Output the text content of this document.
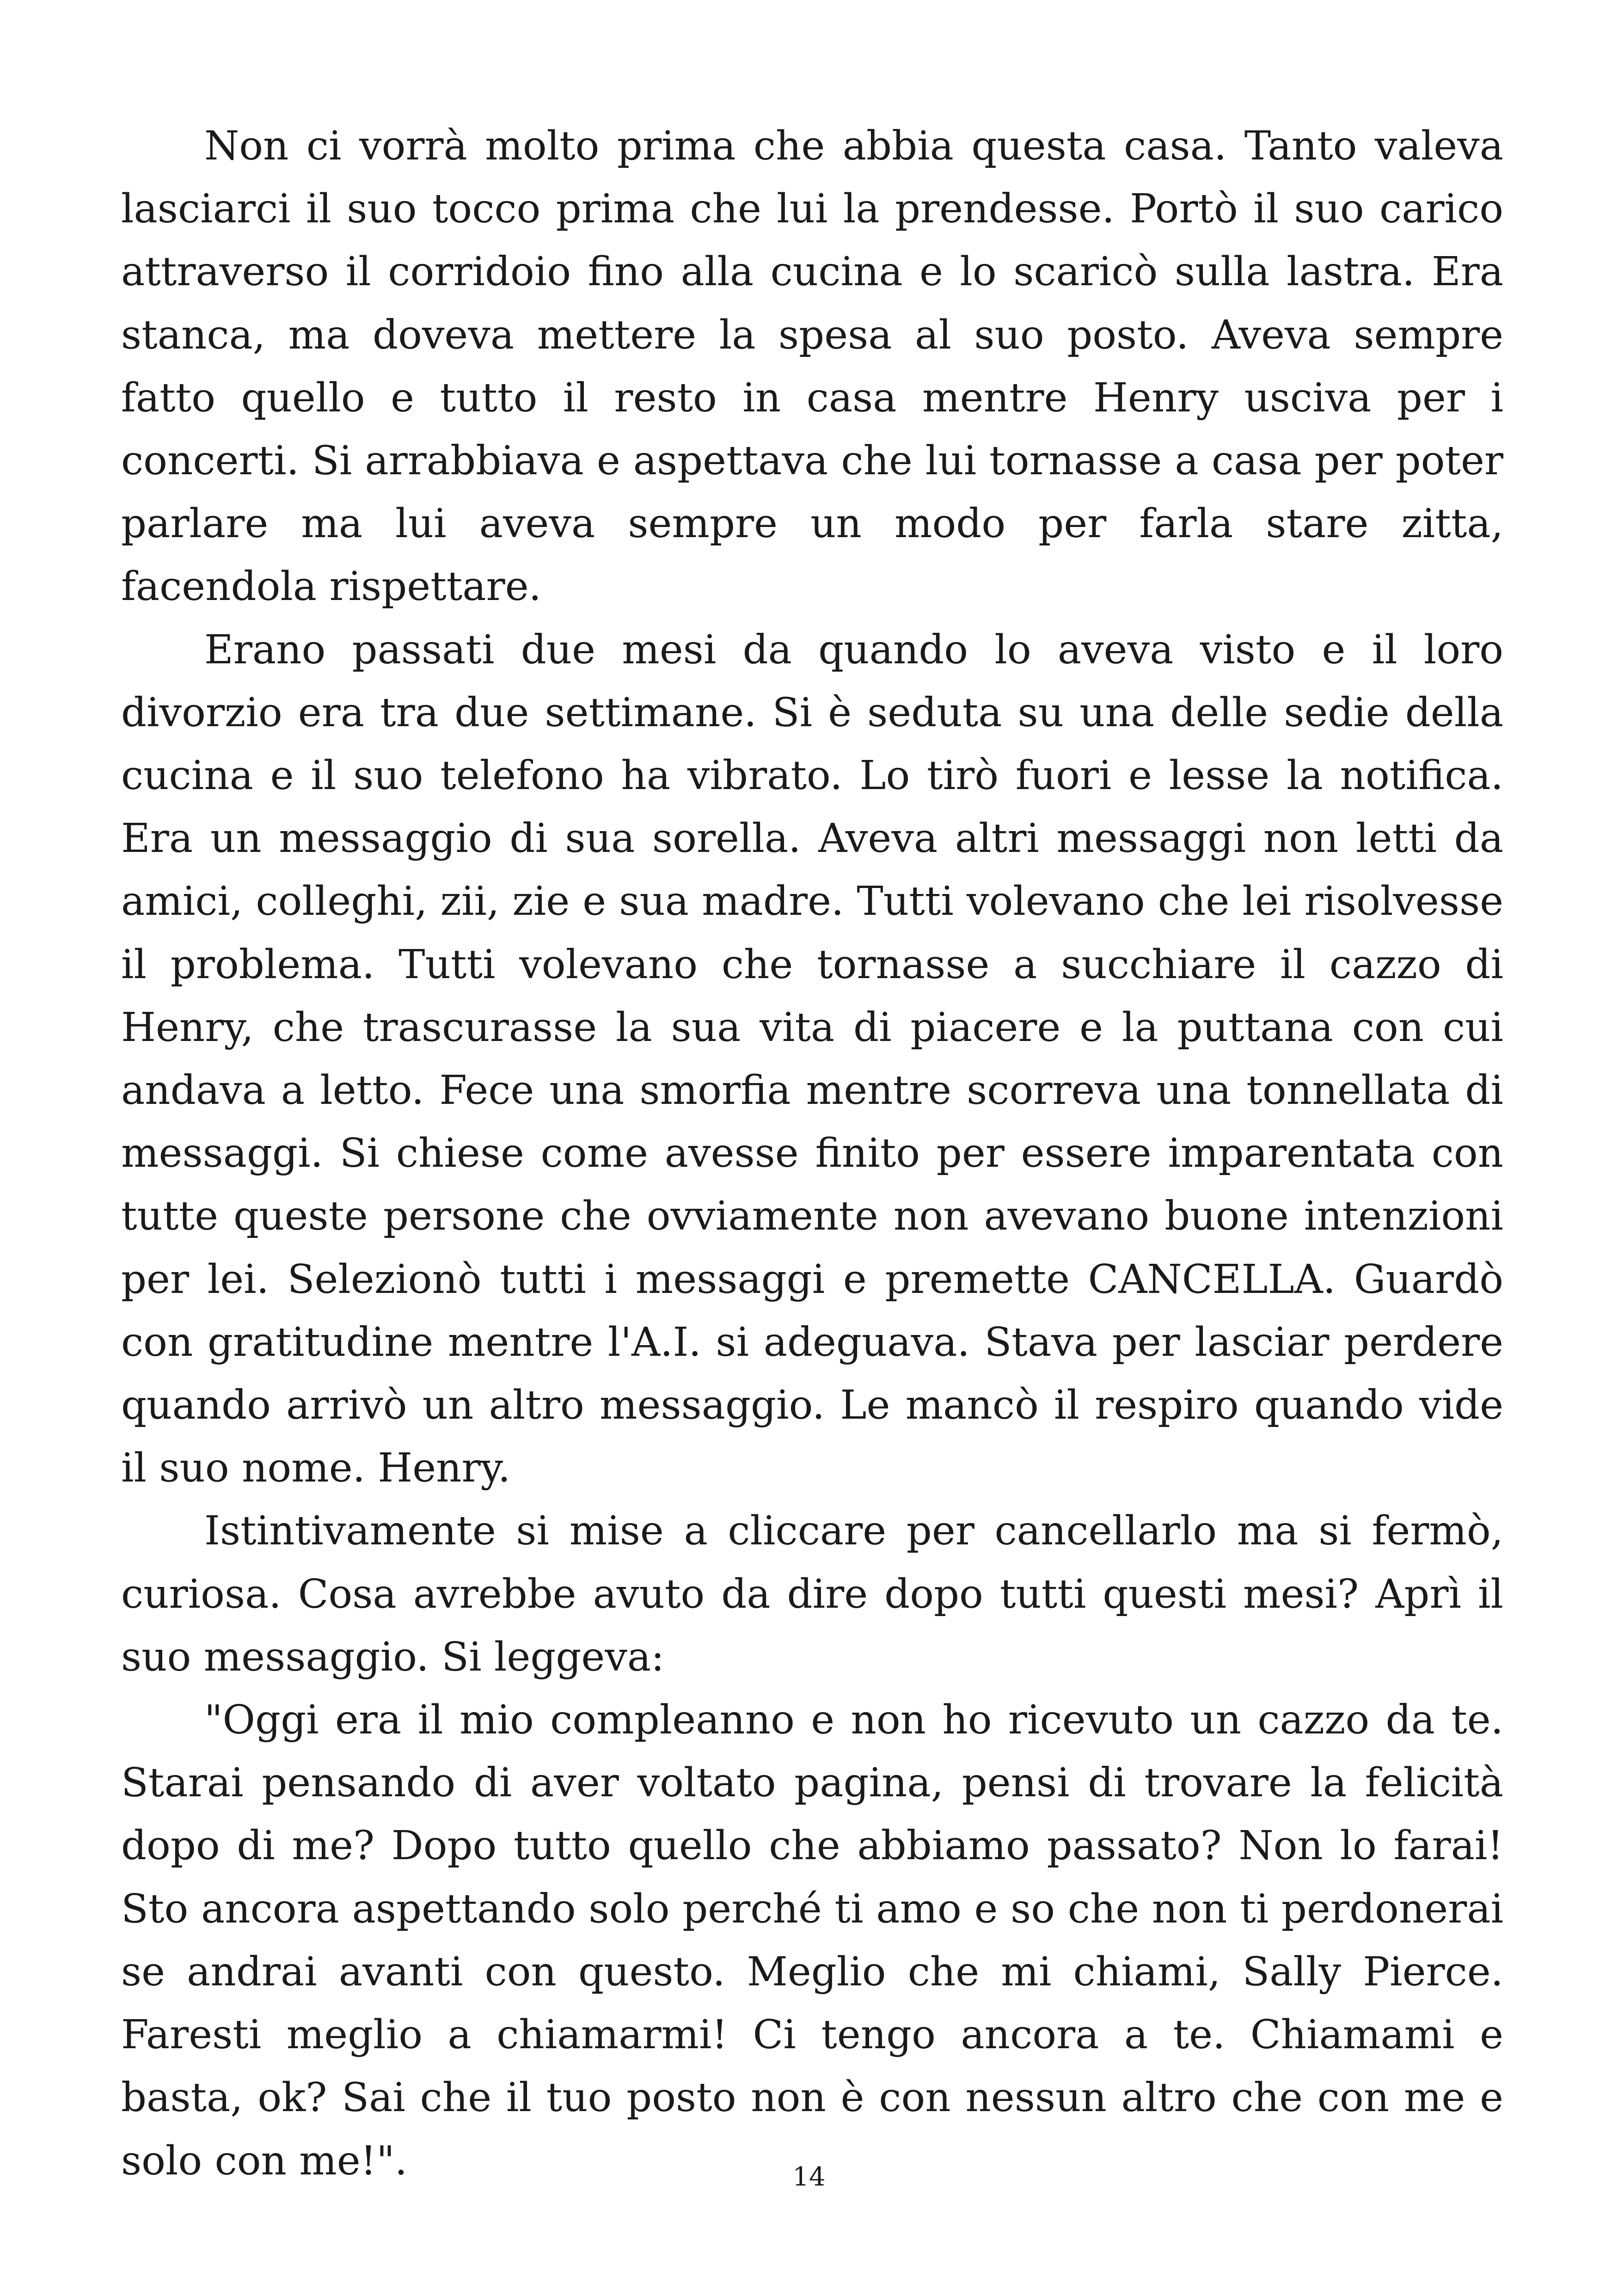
Non ci vorrà molto prima che abbia questa casa. Tanto valeva lasciarci il suo tocco prima che lui la prendesse. Portò il suo carico attraverso il corridoio fino alla cucina e lo scaricò sulla lastra. Era stanca, ma doveva mettere la spesa al suo posto. Aveva sempre fatto quello e tutto il resto in casa mentre Henry usciva per i concerti. Si arrabbiava e aspettava che lui tornasse a casa per poter parlare ma lui aveva sempre un modo per farla stare zitta, facendola rispettare.

Erano passati due mesi da quando lo aveva visto e il loro divorzio era tra due settimane. Si è seduta su una delle sedie della cucina e il suo telefono ha vibrato. Lo tirò fuori e lesse la notifica. Era un messaggio di sua sorella. Aveva altri messaggi non letti da amici, colleghi, zii, zie e sua madre. Tutti volevano che lei risolvesse il problema. Tutti volevano che tornasse a succhiare il cazzo di Henry, che trascurasse la sua vita di piacere e la puttana con cui andava a letto. Fece una smorfia mentre scorreva una tonnellata di messaggi. Si chiese come avesse finito per essere imparentata con tutte queste persone che ovviamente non avevano buone intenzioni per lei. Selezionò tutti i messaggi e premette CANCELLA. Guardò con gratitudine mentre l'A.I. si adeguava. Stava per lasciar perdere quando arrivò un altro messaggio. Le mancò il respiro quando vide il suo nome. Henry.

Istintivamente si mise a cliccare per cancellarlo ma si fermò, curiosa. Cosa avrebbe avuto da dire dopo tutti questi mesi? Aprì il suo messaggio. Si leggeva:

"Oggi era il mio compleanno e non ho ricevuto un cazzo da te. Starai pensando di aver voltato pagina, pensi di trovare la felicità dopo di me? Dopo tutto quello che abbiamo passato? Non lo farai! Sto ancora aspettando solo perché ti amo e so che non ti perdonerai se andrai avanti con questo. Meglio che mi chiami, Sally Pierce. Faresti meglio a chiamarmi! Ci tengo ancora a te. Chiamami e basta, ok? Sai che il tuo posto non è con nessun altro che con me e solo con me!".	14
